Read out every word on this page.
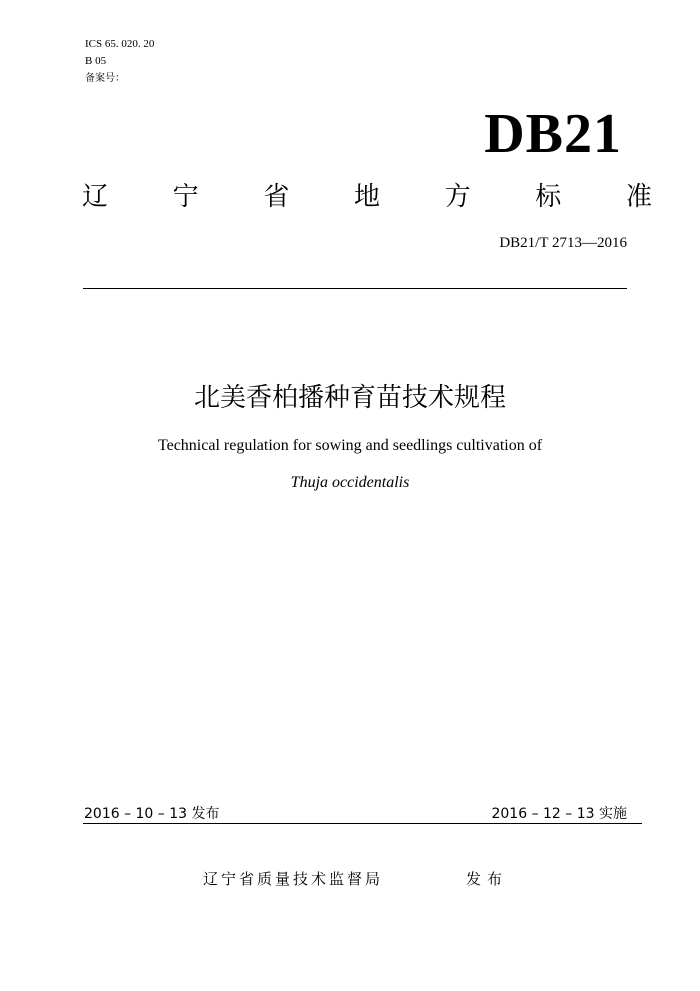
ICS 65. 020. 20
B 05
备案号：
DB21
辽 宁 省 地 方 标 准
DB21/T 2713—2016
北美香柏播种育苗技术规程
Technical regulation for sowing and seedlings cultivation of
Thuja occidentalis
2016 – 10 – 13 发布	2016 – 12 – 13 实施
辽宁省质量技术监督局	发布
